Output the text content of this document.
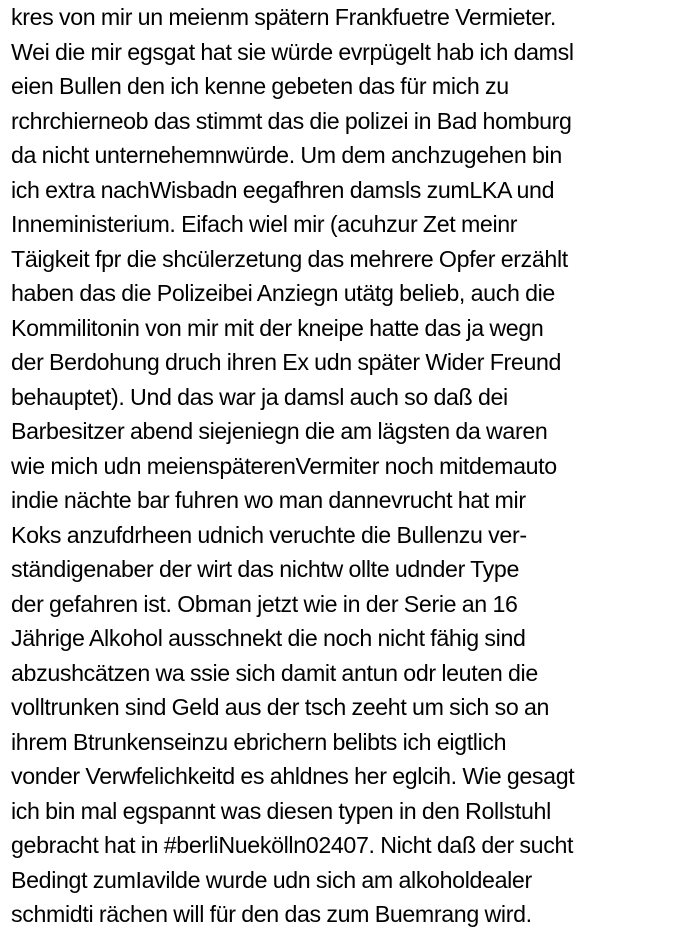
kres von mir un meienm spätern Frankfuetre Vermieter.
Wei die mir egsgat hat sie würde evrpügelt hab ich damsl
eien Bullen den ich kenne gebeten das für mich zu
rchrchierneob das stimmt das die polizei in Bad homburg
da nicht unternehemnwürde. Um dem anchzugehen bin
ich extra nachWisbadn eegafhren damsls zumLKA und
Inneministerium. Eifach wiel mir (acuhzur Zet meinr
Täigkeit fpr die shcülerzetung das mehrere Opfer erzählt
haben das die Polizeibei Anziegn utätg belieb, auch die
Kommilitonin von mir mit der kneipe hatte das ja wegn
der Berdohung druch ihren Ex udn später Wider Freund
behauptet). Und das war ja damsl auch so daß dei
Barbesitzer abend siejeniegn die am lägsten da waren
wie mich udn meienspäterenVermiter noch mitdemauto
indie nächte bar fuhren wo man dannevrucht hat mir
Koks anzufdrheen udnich veruchte die Bullenzu ver-
ständigenaber der wirt das nichtw ollte udnder Type
der gefahren ist. Obman jetzt wie in der Serie an 16
Jährige Alkohol ausschnekt die noch nicht fähig sind
abzushcätzen wa ssie sich damit antun odr leuten die
volltrunken sind Geld aus der tsch zeeht um sich so an
ihrem Btrunkenseinzu ebrichern belibts ich eigtlich
vonder Verwfelichkeitd es ahldnes her eglcih. Wie gesagt
ich bin mal egspannt was diesen typen in den Rollstuhl
gebracht hat in #berliNuekölln02407. Nicht daß der sucht
Bedingt zumIavilde wurde udn sich am alkoholdealer
schmidti rächen will für den das zum Buemrang wird.
